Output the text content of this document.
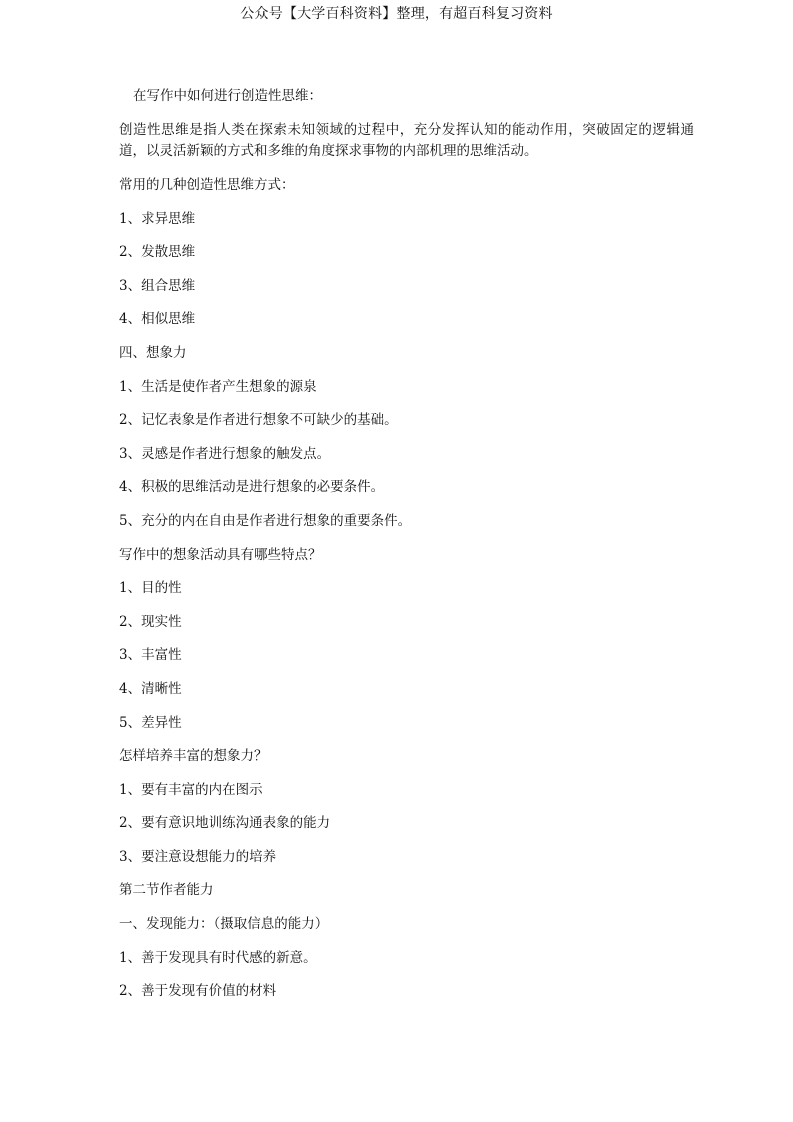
公众号【大学百科资料】整理，有超百科复习资料

在写作中如何进行创造性思维：

创造性思维是指人类在探索未知领域的过程中，充分发挥认知的能动作用，突破固定的逻辑通道，以灵活新颖的方式和多维的角度探求事物的内部机理的思维活动。

常用的几种创造性思维方式：

1、求异思维

2、发散思维

3、组合思维

4、相似思维

四、想象力

1、生活是使作者产生想象的源泉

2、记忆表象是作者进行想象不可缺少的基础。

3、灵感是作者进行想象的触发点。

4、积极的思维活动是进行想象的必要条件。

5、充分的内在自由是作者进行想象的重要条件。

写作中的想象活动具有哪些特点？

1、目的性

2、现实性

3、丰富性

4、清晰性

5、差异性

怎样培养丰富的想象力？

1、要有丰富的内在图示

2、要有意识地训练沟通表象的能力

3、要注意设想能力的培养

第二节作者能力

一、发现能力：（摄取信息的能力）

1、善于发现具有时代感的新意。

2、善于发现有价值的材料
